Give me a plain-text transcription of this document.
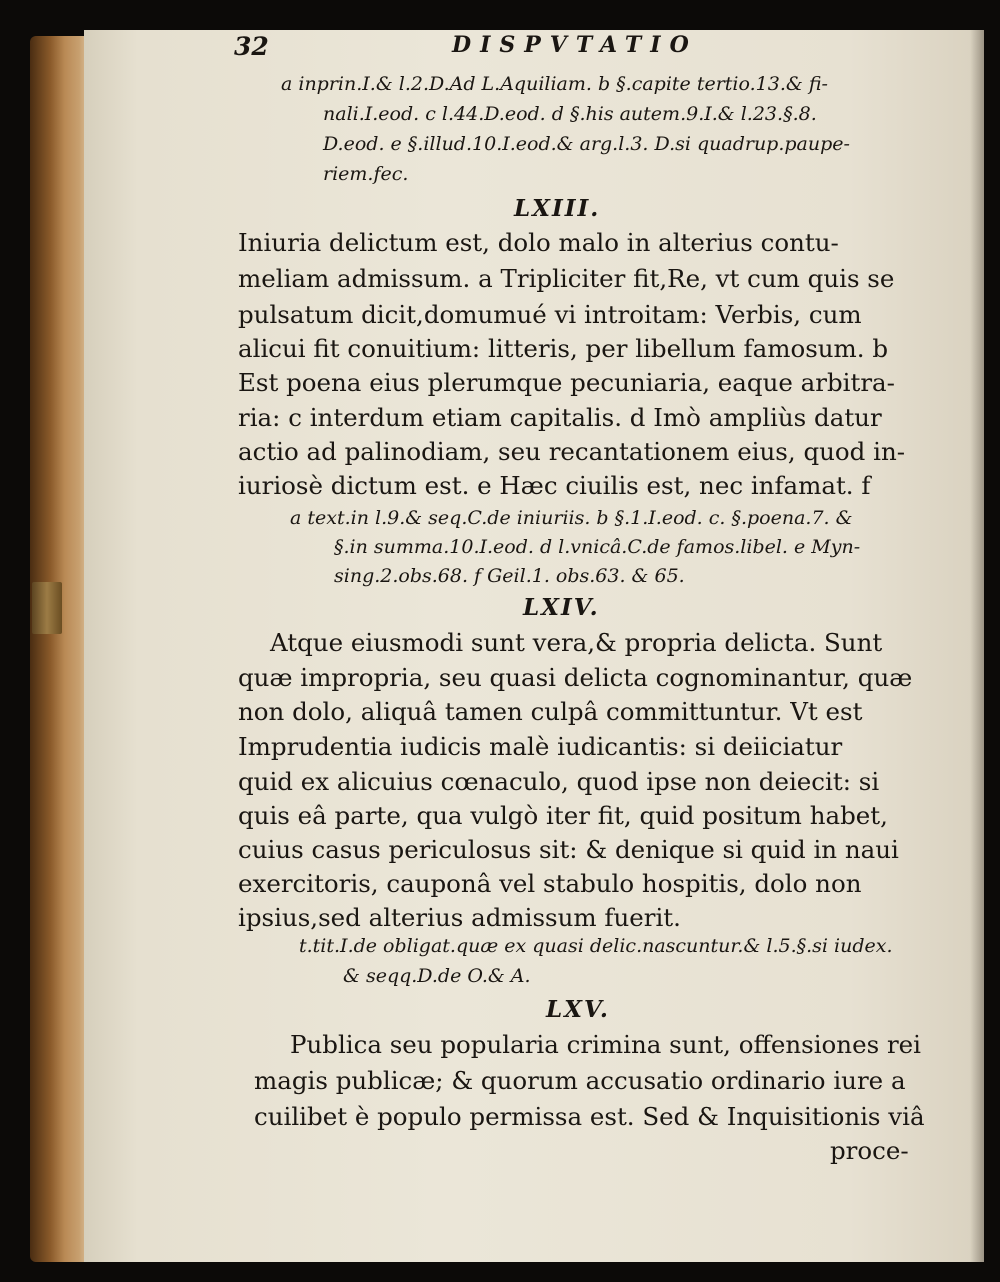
32	DISPVTATIO
a inprin.I.& l.2.D.Ad L.Aquiliam. b §.capite tertio.13.& fi-
nali.I.eod. c l.44.D.eod. d §.his autem.9.I.& l.23.§.8.
D.eod. e §.illud.10.I.eod.& arg.l.3. D.si quadrup.paupe-
riem.fec.
LXIII.
Iniuria delictum est, dolo malo in alterius contu-
meliam admissum. a Tripliciter fit,Re, vt cum quis se
pulsatum dicit,domumué vi introitam: Verbis, cum
alicui fit conuitium: litteris, per libellum famosum. b
Est poena eius plerumque pecuniaria, eaque arbitra-
ria: c interdum etiam capitalis. d Imò ampliùs datur
actio ad palinodiam, seu recantationem eius, quod in-
iuriosè dictum est. e Hæc ciuilis est, nec infamat. f
a text.in l.9.& seq.C.de iniuriis. b §.1.I.eod. c. §.poena.7. &
§.in summa.10.I.eod. d l.vnicâ.C.de famos.libel. e Myn-
sing.2.obs.68. f Geil.1. obs.63. & 65.
LXIV.
Atque eiusmodi sunt vera,& propria delicta. Sunt
quæ impropria, seu quasi delicta cognominantur, quæ
non dolo, aliquâ tamen culpâ committuntur. Vt est
Imprudentia iudicis malè iudicantis: si deiiciatur
quid ex alicuius cœnaculo, quod ipse non deiecit: si
quis eâ parte, qua vulgò iter fit, quid positum habet,
cuius casus periculosus sit: & denique si quid in naui
exercitoris, cauponâ vel stabulo hospitis, dolo non
ipsius,sed alterius admissum fuerit.
t.tit.I.de obligat.quæ ex quasi delic.nascuntur.& l.5.§.si iudex.
& seqq.D.de O.& A.
LXV.
Publica seu popularia crimina sunt, offensiones rei
magis publicæ; & quorum accusatio ordinario iure a
cuilibet è populo permissa est. Sed & Inquisitionis viâ
proce-
